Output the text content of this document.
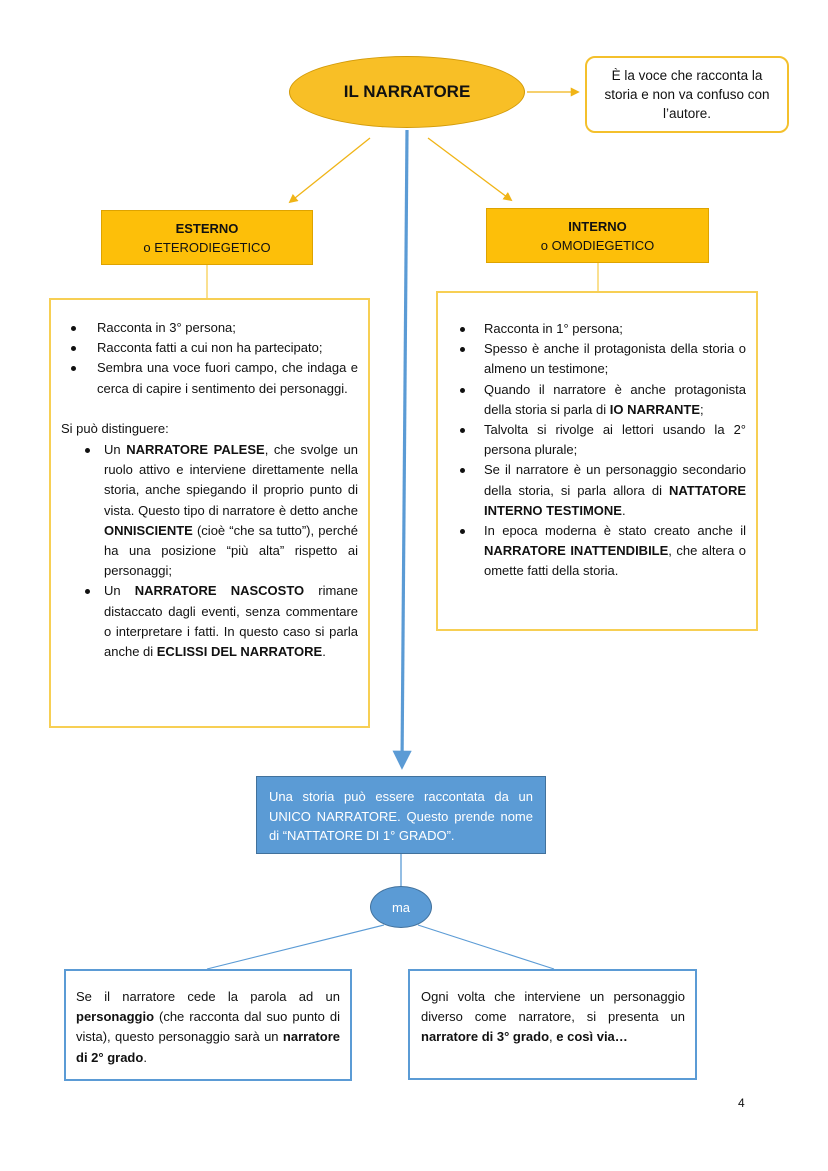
IL NARRATORE
È la voce che racconta la storia e non va confuso con l’autore.
ESTERNO
o ETERODIEGETICO
INTERNO
o OMODIEGETICO
Racconta in 3° persona;
Racconta fatti a cui non ha partecipato;
Sembra una voce fuori campo, che indaga e cerca di capire i sentimento dei personaggi.
Si può distinguere:
Un NARRATORE PALESE, che svolge un ruolo attivo e interviene direttamente nella storia, anche spiegando il proprio punto di vista. Questo tipo di narratore è detto anche ONNISCIENTE (cioè “che sa tutto”), perché ha una posizione “più alta” rispetto ai personaggi;
Un NARRATORE NASCOSTO rimane distaccato dagli eventi, senza commentare o interpretare i fatti. In questo caso si parla anche di ECLISSI DEL NARRATORE.
Racconta in 1° persona;
Spesso è anche il protagonista della storia o almeno un testimone;
Quando il narratore è anche protagonista della storia si parla di IO NARRANTE;
Talvolta si rivolge ai lettori usando la 2° persona plurale;
Se il narratore è un personaggio secondario della storia, si parla allora di NATTATORE INTERNO TESTIMONE.
In epoca moderna è stato creato anche il NARRATORE INATTENDIBILE, che altera o omette fatti della storia.
Una storia può essere raccontata da un UNICO NARRATORE. Questo prende nome di “NATTATORE DI 1° GRADO”.
ma
Se il narratore cede la parola ad un personaggio (che racconta dal suo punto di vista), questo personaggio sarà un narratore di 2° grado.
Ogni volta che interviene un personaggio diverso come narratore, si presenta un narratore di 3° grado, e così via…
4
